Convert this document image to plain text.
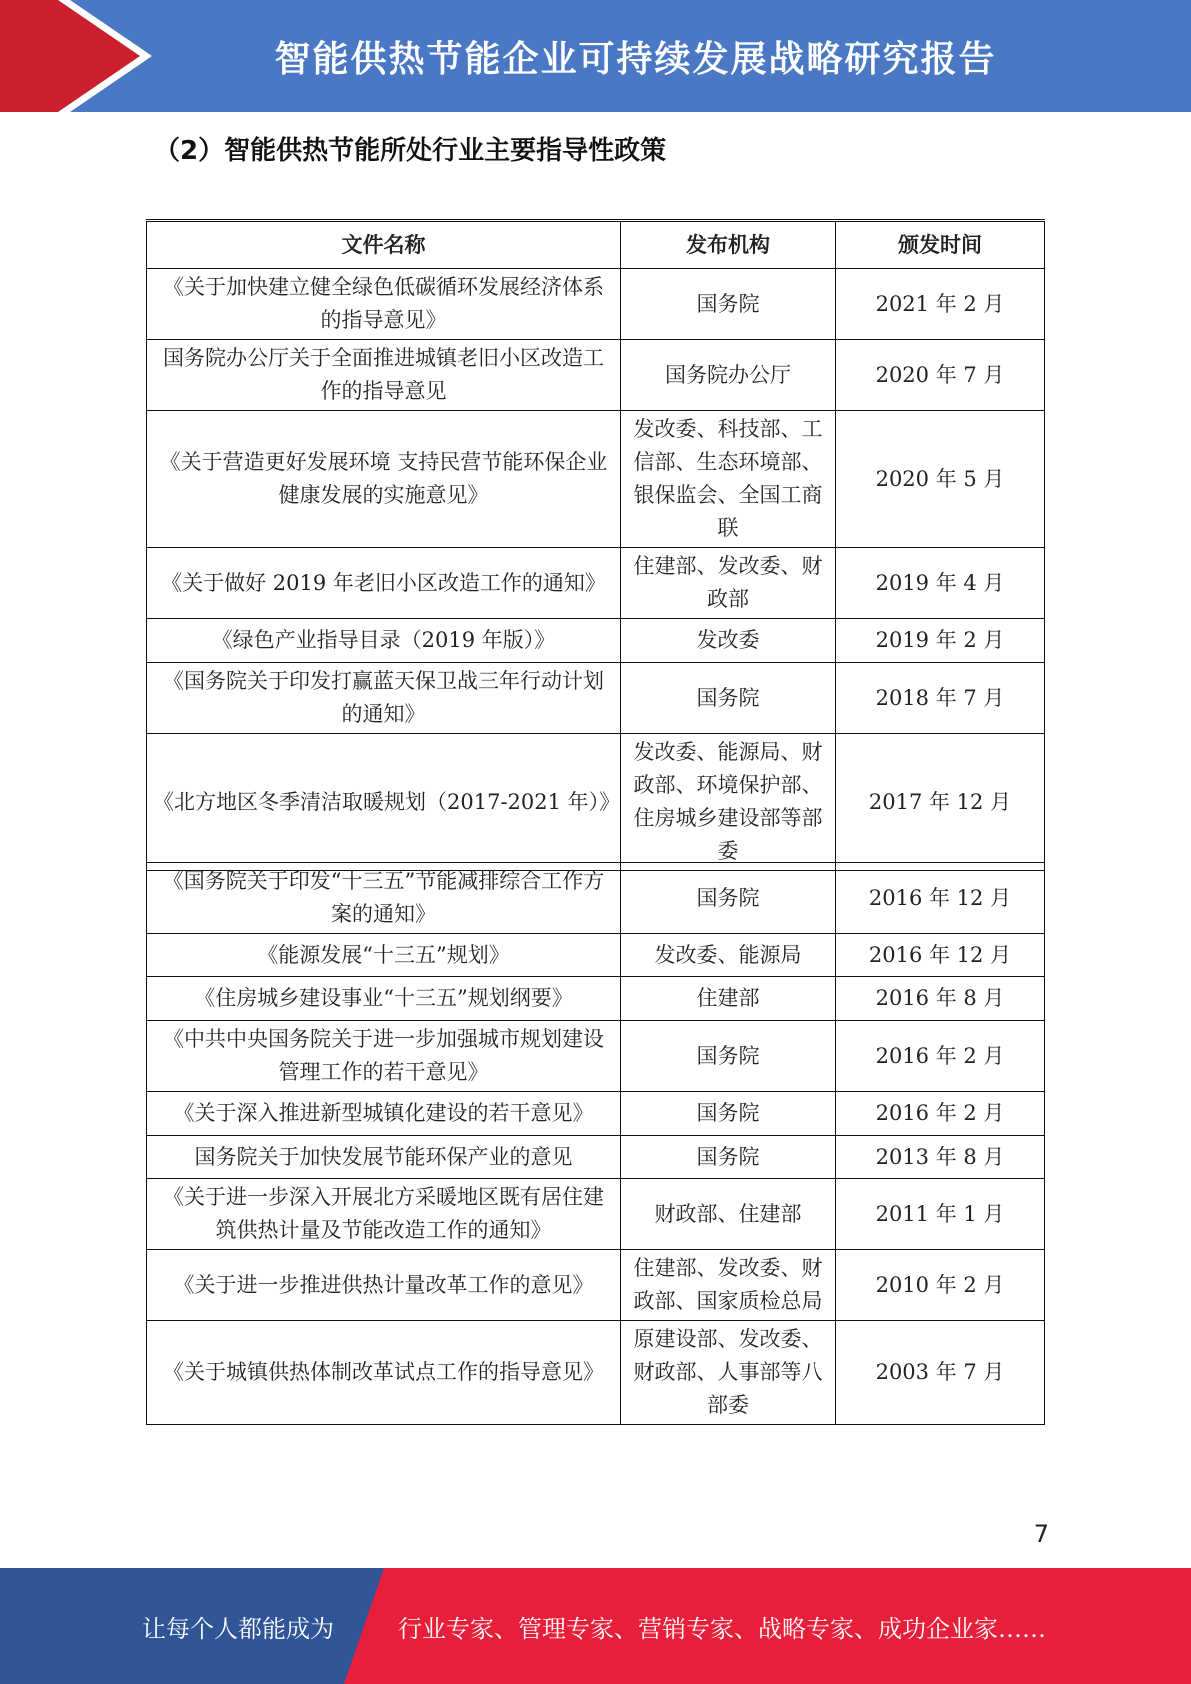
智能供热节能企业可持续发展战略研究报告
（2）智能供热节能所处行业主要指导性政策
文件名称	发布机构	颁发时间
《关于加快建立健全绿色低碳循环发展经济体系的指导意见》	国务院	2021 年 2 月
国务院办公厅关于全面推进城镇老旧小区改造工作的指导意见	国务院办公厅	2020 年 7 月
《关于营造更好发展环境 支持民营节能环保企业健康发展的实施意见》	发改委、科技部、工信部、生态环境部、银保监会、全国工商联	2020 年 5 月
《关于做好 2019 年老旧小区改造工作的通知》	住建部、发改委、财政部	2019 年 4 月
《绿色产业指导目录（2019 年版）》	发改委	2019 年 2 月
《国务院关于印发打赢蓝天保卫战三年行动计划的通知》	国务院	2018 年 7 月
《北方地区冬季清洁取暖规划（2017-2021 年）》	发改委、能源局、财政部、环境保护部、住房城乡建设部等部委	2017 年 12 月
《国务院关于印发“十三五”节能减排综合工作方案的通知》	国务院	2016 年 12 月
《能源发展“十三五”规划》	发改委、能源局	2016 年 12 月
《住房城乡建设事业“十三五”规划纲要》	住建部	2016 年 8 月
《中共中央国务院关于进一步加强城市规划建设管理工作的若干意见》	国务院	2016 年 2 月
《关于深入推进新型城镇化建设的若干意见》	国务院	2016 年 2 月
国务院关于加快发展节能环保产业的意见	国务院	2013 年 8 月
《关于进一步深入开展北方采暖地区既有居住建筑供热计量及节能改造工作的通知》	财政部、住建部	2011 年 1 月
《关于进一步推进供热计量改革工作的意见》	住建部、发改委、财政部、国家质检总局	2010 年 2 月
《关于城镇供热体制改革试点工作的指导意见》	原建设部、发改委、财政部、人事部等八部委	2003 年 7 月
7
让每个人都能成为	行业专家、管理专家、营销专家、战略专家、成功企业家……
